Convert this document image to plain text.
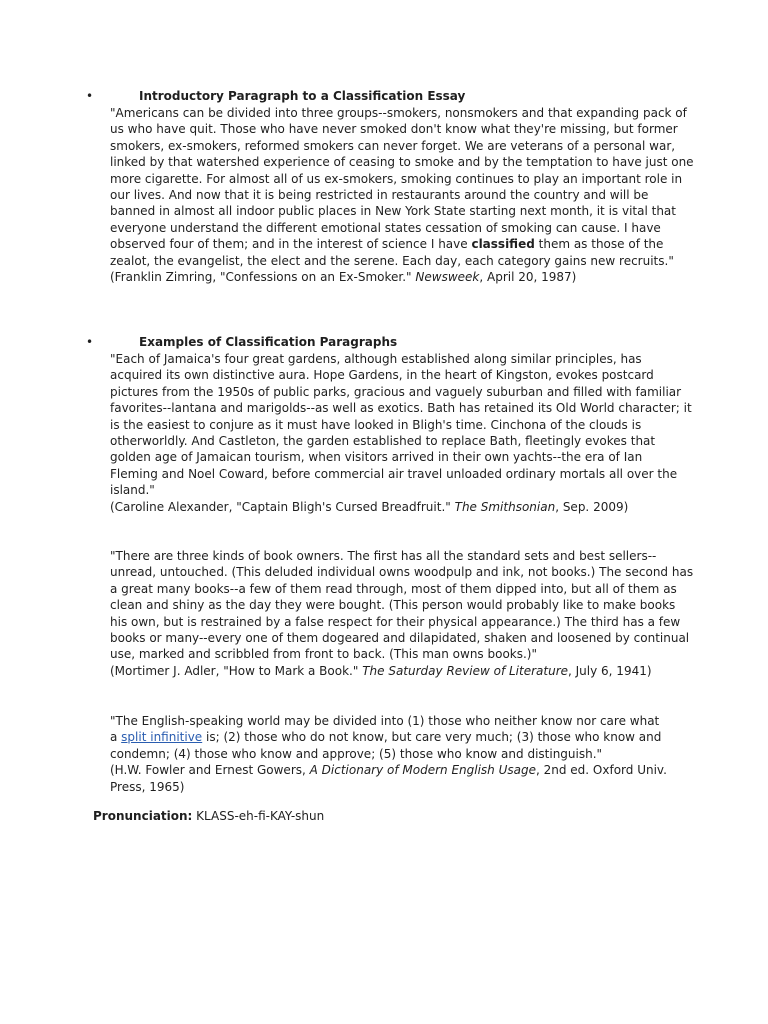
•	Introductory Paragraph to a Classification Essay
"Americans can be divided into three groups--smokers, nonsmokers and that expanding pack of
us who have quit. Those who have never smoked don't know what they're missing, but former
smokers, ex-smokers, reformed smokers can never forget. We are veterans of a personal war,
linked by that watershed experience of ceasing to smoke and by the temptation to have just one
more cigarette. For almost all of us ex-smokers, smoking continues to play an important role in
our lives. And now that it is being restricted in restaurants around the country and will be
banned in almost all indoor public places in New York State starting next month, it is vital that
everyone understand the different emotional states cessation of smoking can cause. I have
observed four of them; and in the interest of science I have classified them as those of the
zealot, the evangelist, the elect and the serene. Each day, each category gains new recruits."
(Franklin Zimring, "Confessions on an Ex-Smoker." Newsweek, April 20, 1987)
•	Examples of Classification Paragraphs
"Each of Jamaica's four great gardens, although established along similar principles, has
acquired its own distinctive aura. Hope Gardens, in the heart of Kingston, evokes postcard
pictures from the 1950s of public parks, gracious and vaguely suburban and filled with familiar
favorites--lantana and marigolds--as well as exotics. Bath has retained its Old World character; it
is the easiest to conjure as it must have looked in Bligh's time. Cinchona of the clouds is
otherworldly. And Castleton, the garden established to replace Bath, fleetingly evokes that
golden age of Jamaican tourism, when visitors arrived in their own yachts--the era of Ian
Fleming and Noel Coward, before commercial air travel unloaded ordinary mortals all over the
island."
(Caroline Alexander, "Captain Bligh's Cursed Breadfruit." The Smithsonian, Sep. 2009)
"There are three kinds of book owners. The first has all the standard sets and best sellers--
unread, untouched. (This deluded individual owns woodpulp and ink, not books.) The second has
a great many books--a few of them read through, most of them dipped into, but all of them as
clean and shiny as the day they were bought. (This person would probably like to make books
his own, but is restrained by a false respect for their physical appearance.) The third has a few
books or many--every one of them dogeared and dilapidated, shaken and loosened by continual
use, marked and scribbled from front to back. (This man owns books.)"
(Mortimer J. Adler, "How to Mark a Book." The Saturday Review of Literature, July 6, 1941)
"The English-speaking world may be divided into (1) those who neither know nor care what
a split infinitive is; (2) those who do not know, but care very much; (3) those who know and
condemn; (4) those who know and approve; (5) those who know and distinguish."
(H.W. Fowler and Ernest Gowers, A Dictionary of Modern English Usage, 2nd ed. Oxford Univ.
Press, 1965)
Pronunciation: KLASS-eh-fi-KAY-shun
